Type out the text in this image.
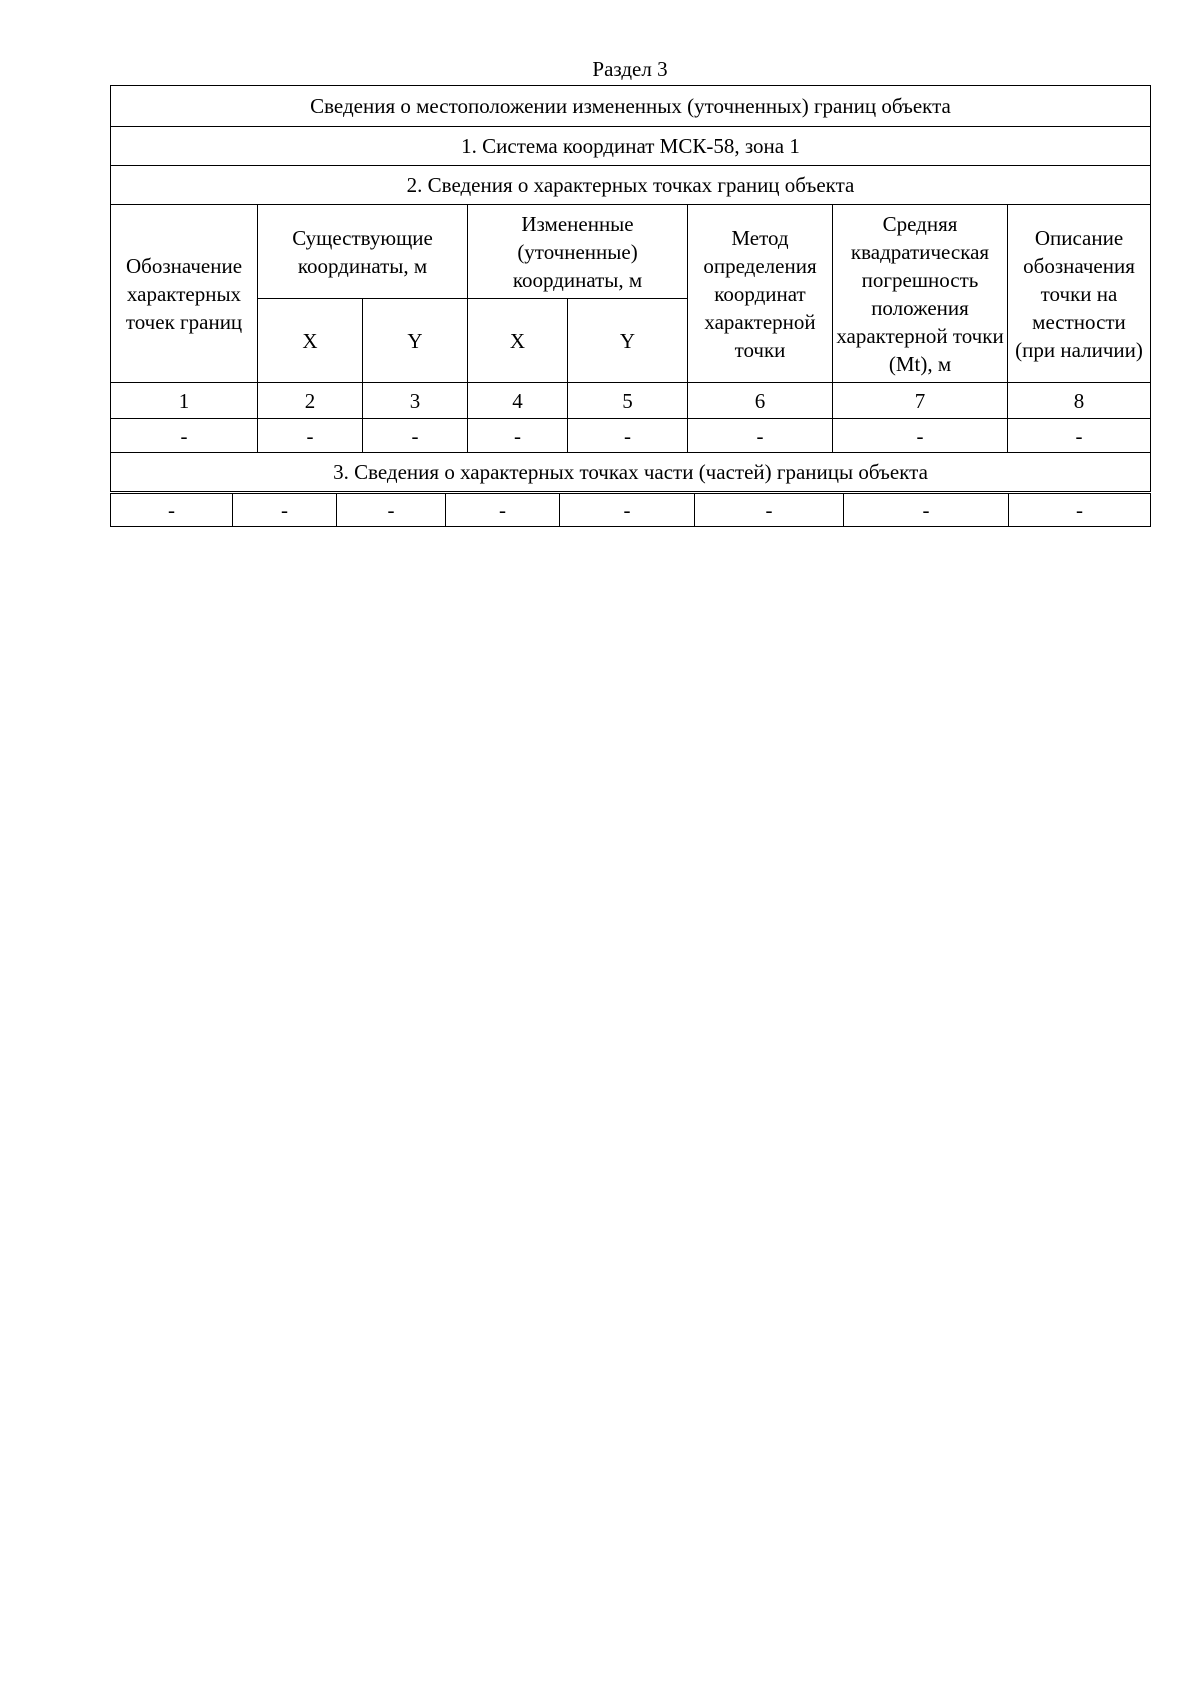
Раздел 3
Сведения о местоположении измененных (уточненных) границ объекта							
1. Система координат МСК-58, зона 1							
2. Сведения о характерных точках границ объекта							
Обозначение характерных точек границ	Существующие координаты, м		Измененные (уточненные) координаты, м		Метод определения координат характерной точки	Средняя квадратическая погрешность положения характерной точки (Mt), м	Описание обозначения точки на местности (при наличии)
	X	Y	X	Y			
1	2	3	4	5	6	7	8
-	-	-	-	-	-	-	-
3. Сведения о характерных точках части (частей) границы объекта							
-	-	-	-	-	-	-	-
